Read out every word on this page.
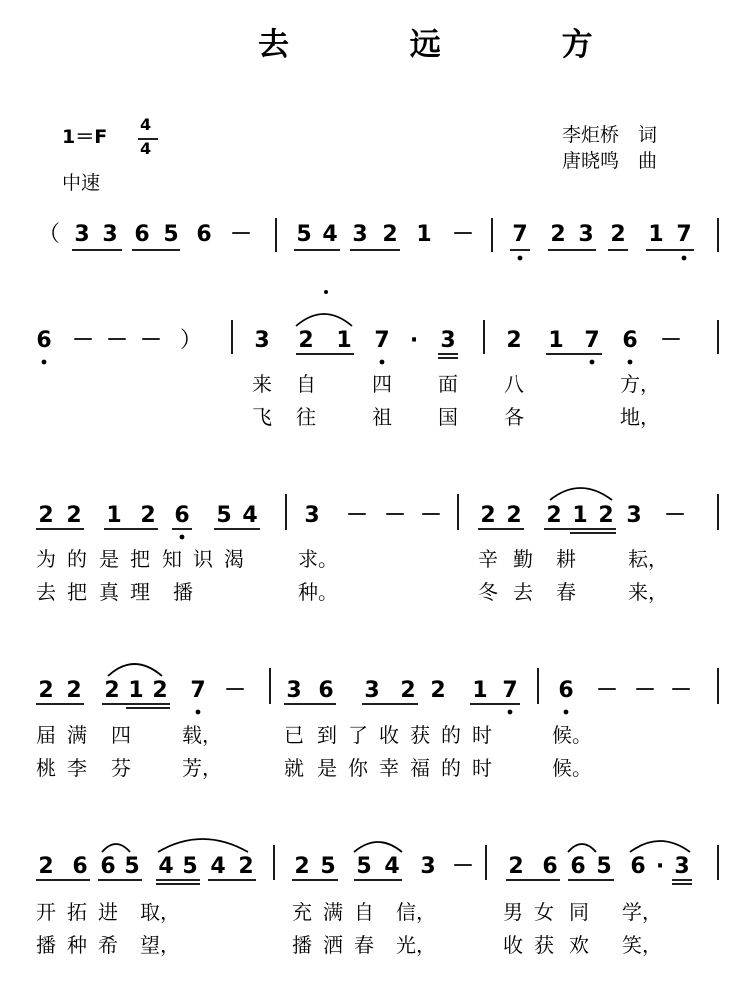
去 远 方
1＝F
4
4
中速
李炬桥　词
唐晓鸣　曲
（ 3 3 6 5 6 － 5 4 3 2 1 － 7 2 3 2 1 7
6 － － － ） 3 2 1 7 · 3 2 1 7 6 －
来 自	四 面 八	方，
飞 往	祖 国 各	地，
2 2 1 2 6 5 4 3 － － － 2 2 2 1 2 3 －
为 的 是 把 知 识 渴	求。	辛 勤 耕	耘，
去 把 真 理 播	种。	冬 去 春	来，
2 2 2 1 2 7 － 3 6 3 2 2 1 7 6 － － －
届 满 四	载，	已 到 了 收 获 的 时	候。
桃 李 芬	芳，	就 是 你 幸 福 的 时	候。
2 6 6 5 4 5 4 2 2 5 5 4 3 － 2 6 6 5 6 · 3
开 拓 进 取，	充 满 自 信，	男 女 同 学，
播 种 希 望，	播 洒 春 光，	收 获 欢 笑，
